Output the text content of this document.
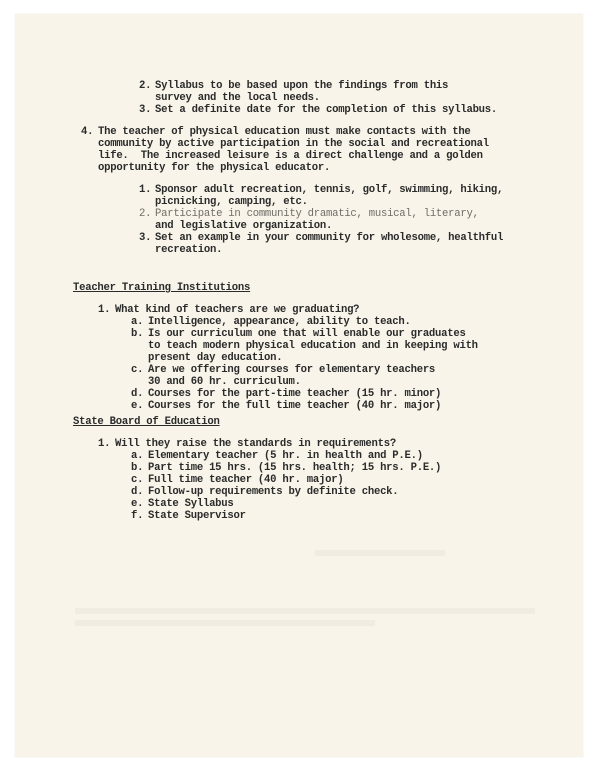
2. Syllabus to be based upon the findings from this

survey and the local needs.

3. Set a definite date for the completion of this syllabus.

4. The teacher of physical education must make contacts with the

community by active participation in the social and recreational

life.  The increased leisure is a direct challenge and a golden

opportunity for the physical educator.

1. Sponsor adult recreation, tennis, golf, swimming, hiking,

picnicking, camping, etc.

2. Participate in community dramatic, musical, literary,

and legislative organization.

3. Set an example in your community for wholesome, healthful

recreation.

Teacher Training Institutions

1. What kind of teachers are we graduating?

a. Intelligence, appearance, ability to teach.

b. Is our curriculum one that will enable our graduates

to teach modern physical education and in keeping with

present day education.

c. Are we offering courses for elementary teachers

30 and 60 hr. curriculum.

d. Courses for the part-time teacher (15 hr. minor)

e. Courses for the full time teacher (40 hr. major)

State Board of Education

1. Will they raise the standards in requirements?

a. Elementary teacher (5 hr. in health and P.E.)

b. Part time 15 hrs. (15 hrs. health; 15 hrs. P.E.)

c. Full time teacher (40 hr. major)

d. Follow-up requirements by definite check.

e. State Syllabus

f. State Supervisor
